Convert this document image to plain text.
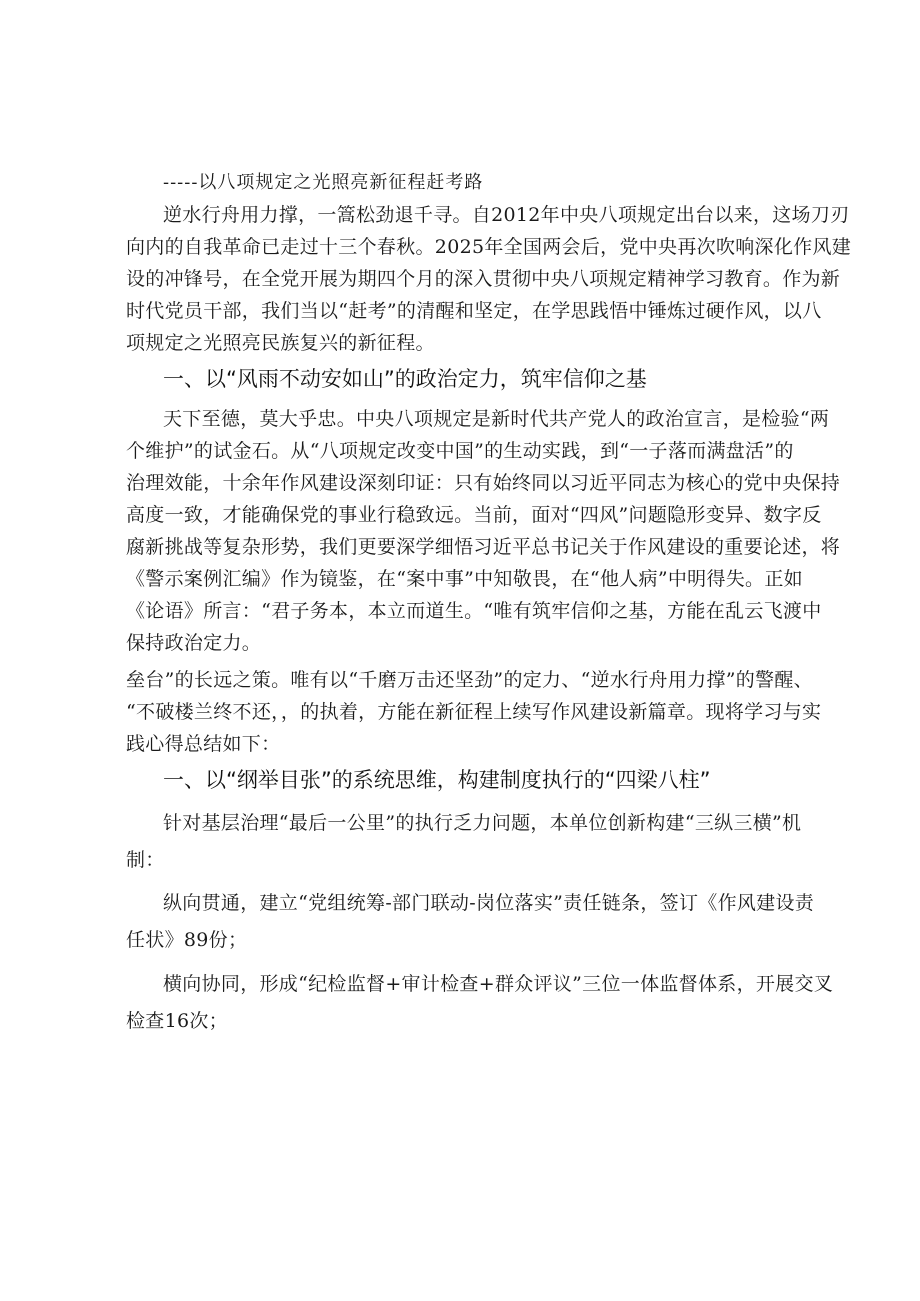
-----以八项规定之光照亮新征程赶考路
逆水行舟用力撑，一篙松劲退千寻。自2012年中央八项规定出台以来，这场刀刃
向内的自我革命已走过十三个春秋。2025年全国两会后，党中央再次吹响深化作风建
设的冲锋号，在全党开展为期四个月的深入贯彻中央八项规定精神学习教育。作为新
时代党员干部，我们当以“赶考”的清醒和坚定，在学思践悟中锤炼过硬作风，以八
项规定之光照亮民族复兴的新征程。
一、以“风雨不动安如山”的政治定力，筑牢信仰之基
天下至德，莫大乎忠。中央八项规定是新时代共产党人的政治宣言，是检验“两
个维护”的试金石。从“八项规定改变中国”的生动实践，到“一子落而满盘活”的
治理效能，十余年作风建设深刻印证：只有始终同以习近平同志为核心的党中央保持
高度一致，才能确保党的事业行稳致远。当前，面对“四风”问题隐形变异、数字反
腐新挑战等复杂形势，我们更要深学细悟习近平总书记关于作风建设的重要论述，将
《警示案例汇编》作为镜鉴，在“案中事”中知敬畏，在“他人病”中明得失。正如
《论语》所言：“君子务本，本立而道生。“唯有筑牢信仰之基，方能在乱云飞渡中
保持政治定力。
垒台”的长远之策。唯有以“千磨万击还坚劲”的定力、“逆水行舟用力撑”的警醒、
“不破楼兰终不还，，的执着，方能在新征程上续写作风建设新篇章。现将学习与实
践心得总结如下：
一、以“纲举目张”的系统思维，构建制度执行的“四梁八柱”
针对基层治理“最后一公里”的执行乏力问题，本单位创新构建“三纵三横”机
制：
纵向贯通，建立“党组统筹-部门联动-岗位落实”责任链条，签订《作风建设责
任状》89份；
横向协同，形成“纪检监督+审计检查+群众评议”三位一体监督体系，开展交叉
检查16次；
